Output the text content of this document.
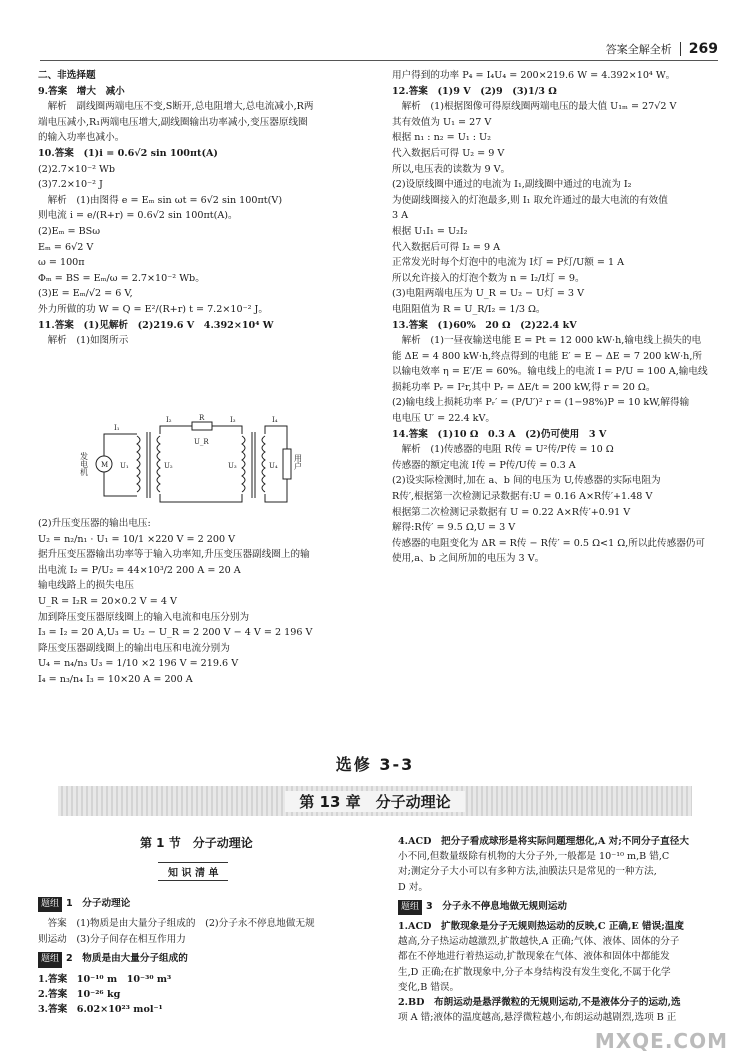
答案全解全析 269

二、非选择题

9.答案　增大　减小

　解析　副线圈两端电压不变,S断开,总电阻增大,总电流减小,R两

端电压减小,R₁两端电压增大,副线圈输出功率减小,变压器原线圈

的输入功率也减小。

10.答案　(1)i = 0.6√2 sin 100πt(A)

(2)2.7×10⁻² Wb

(3)7.2×10⁻² J

　解析　(1)由图得 e = Eₘ sin ωt = 6√2 sin 100πt(V)

则电流 i = e/(R+r) = 0.6√2 sin 100πt(A)。

(2)Eₘ = BSω

Eₘ = 6√2 V

ω = 100π

Φₘ = BS = Eₘ/ω = 2.7×10⁻² Wb。

(3)E = Eₘ/√2 = 6 V,

外力所做的功 W = Q = E²/(R+r) t = 7.2×10⁻² J。

11.答案　(1)见解析　(2)219.6 V　4.392×10⁴ W

　解析　(1)如图所示

M
I₁
I₂	R	I₃	I₄
U₁	U₂
U_R
U₃	U₄
发电机	用户

(2)升压变压器的输出电压:

U₂ = n₂/n₁ · U₁ = 10/1 ×220 V = 2 200 V

据升压变压器输出功率等于输入功率知,升压变压器副线圈上的输

出电流 I₂ = P/U₂ = 44×10³/2 200 A = 20 A

输电线路上的损失电压

U_R = I₂R = 20×0.2 V = 4 V

加到降压变压器原线圈上的输入电流和电压分别为

I₃ = I₂ = 20 A,U₃ = U₂ − U_R = 2 200 V − 4 V = 2 196 V

降压变压器副线圈上的输出电压和电流分别为

U₄ = n₄/n₃ U₃ = 1/10 ×2 196 V = 219.6 V

I₄ = n₃/n₄ I₃ = 10×20 A = 200 A

用户得到的功率 P₄ = I₄U₄ = 200×219.6 W = 4.392×10⁴ W。

12.答案　(1)9 V　(2)9　(3)1/3 Ω

　解析　(1)根据图像可得原线圈两端电压的最大值 U₁ₘ = 27√2 V

其有效值为 U₁ = 27 V

根据 n₁ : n₂ = U₁ : U₂

代入数据后可得 U₂ = 9 V

所以,电压表的读数为 9 V。

(2)设原线圈中通过的电流为 I₁,副线圈中通过的电流为 I₂

为使副线圈接入的灯泡最多,则 I₁ 取允许通过的最大电流的有效值

3 A

根据 U₁I₁ = U₂I₂

代入数据后可得 I₂ = 9 A

正常发光时每个灯泡中的电流为 I灯 = P灯/U额 = 1 A

所以允许接入的灯泡个数为 n = I₂/I灯 = 9。

(3)电阻两端电压为 U_R = U₂ − U灯 = 3 V

电阻阻值为 R = U_R/I₂ = 1/3 Ω。

13.答案　(1)60%　20 Ω　(2)22.4 kV

　解析　(1)一昼夜输送电能 E = Pt = 12 000 kW·h,输电线上损失的电

能 ΔE = 4 800 kW·h,终点得到的电能 E′ = E − ΔE = 7 200 kW·h,所

以输电效率 η = E′/E = 60%。输电线上的电流 I = P/U = 100 A,输电线

损耗功率 Pᵣ = I²r,其中 Pᵣ = ΔE/t = 200 kW,得 r = 20 Ω。

(2)输电线上损耗功率 Pᵣ′ = (P/U′)² r = (1−98%)P = 10 kW,解得输

电电压 U′ = 22.4 kV。

14.答案　(1)10 Ω　0.3 A　(2)仍可使用　3 V

　解析　(1)传感器的电阻 R传 = U²传/P传 = 10 Ω

传感器的额定电流 I传 = P传/U传 = 0.3 A

(2)设实际检测时,加在 a、b 间的电压为 U,传感器的实际电阻为

R传′,根据第一次检测记录数据有:U = 0.16 A×R传′+1.48 V

根据第二次检测记录数据有 U = 0.22 A×R传′+0.91 V

解得:R传′ = 9.5 Ω,U = 3 V

传感器的电阻变化为 ΔR = R传 − R传′ = 0.5 Ω<1 Ω,所以此传感器仍可

使用,a、b 之间所加的电压为 3 V。

选修 3-3
第 13 章　分子动理论
第 1 节　分子动理论
知 识 清 单

题组 1　分子动理论

　答案　(1)物质是由大量分子组成的　(2)分子永不停息地做无规

则运动　(3)分子间存在相互作用力

题组 2　物质是由大量分子组成的

1.答案　10⁻¹⁰ m　10⁻³⁰ m³

2.答案　10⁻²⁶ kg

3.答案　6.02×10²³ mol⁻¹

4.ACD　把分子看成球形是将实际问题理想化,A 对;不同分子直径大

小不同,但数量级除有机物的大分子外,一般都是 10⁻¹⁰ m,B 错,C

对;测定分子大小可以有多种方法,油膜法只是常见的一种方法,

D 对。

题组 3　分子永不停息地做无规则运动

1.ACD　扩散现象是分子无规则热运动的反映,C 正确,E 错误;温度

越高,分子热运动越激烈,扩散越快,A 正确;气体、液体、固体的分子

都在不停地进行着热运动,扩散现象在气体、液体和固体中都能发

生,D 正确;在扩散现象中,分子本身结构没有发生变化,不属于化学

变化,B 错误。

2.BD　布朗运动是悬浮微粒的无规则运动,不是液体分子的运动,选

项 A 错;液体的温度越高,悬浮微粒越小,布朗运动越剧烈,选项 B 正

MXQE.COM
